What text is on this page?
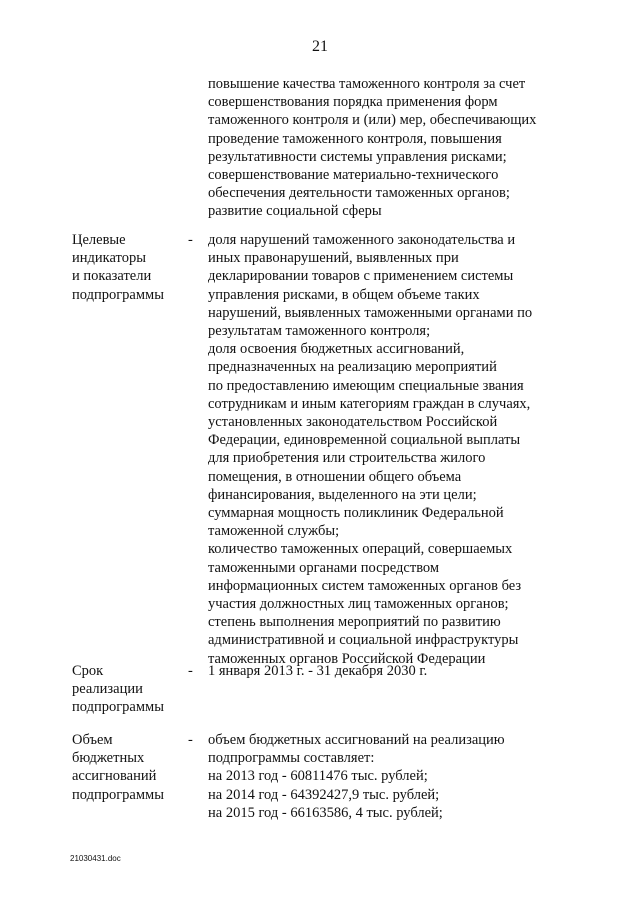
21
повышение качества таможенного контроля за счет
совершенствования порядка применения форм
таможенного контроля и (или) мер, обеспечивающих
проведение таможенного контроля, повышения
результативности системы управления рисками;
совершенствование материально-технического
обеспечения деятельности таможенных органов;
развитие социальной сферы
Целевые
индикаторы
и показатели
подпрограммы
- доля нарушений таможенного законодательства и
иных правонарушений, выявленных при
декларировании товаров с применением системы
управления рисками, в общем объеме таких
нарушений, выявленных таможенными органами по
результатам таможенного контроля;
доля освоения бюджетных ассигнований,
предназначенных на реализацию мероприятий
по предоставлению имеющим специальные звания
сотрудникам и иным категориям граждан в случаях,
установленных законодательством Российской
Федерации, единовременной социальной выплаты
для приобретения или строительства жилого
помещения, в отношении общего объема
финансирования, выделенного на эти цели;
суммарная мощность поликлиник Федеральной
таможенной службы;
количество таможенных операций, совершаемых
таможенными органами посредством
информационных систем таможенных органов без
участия должностных лиц таможенных органов;
степень выполнения мероприятий по развитию
административной и социальной инфраструктуры
таможенных органов Российской Федерации
Срок
реализации
подпрограммы
- 1 января 2013 г. - 31 декабря 2030 г.
Объем
бюджетных
ассигнований
подпрограммы
- объем бюджетных ассигнований на реализацию
подпрограммы составляет:
на 2013 год - 60811476 тыс. рублей;
на 2014 год - 64392427,9 тыс. рублей;
на 2015 год - 66163586, 4 тыс. рублей;
21030431.doc
